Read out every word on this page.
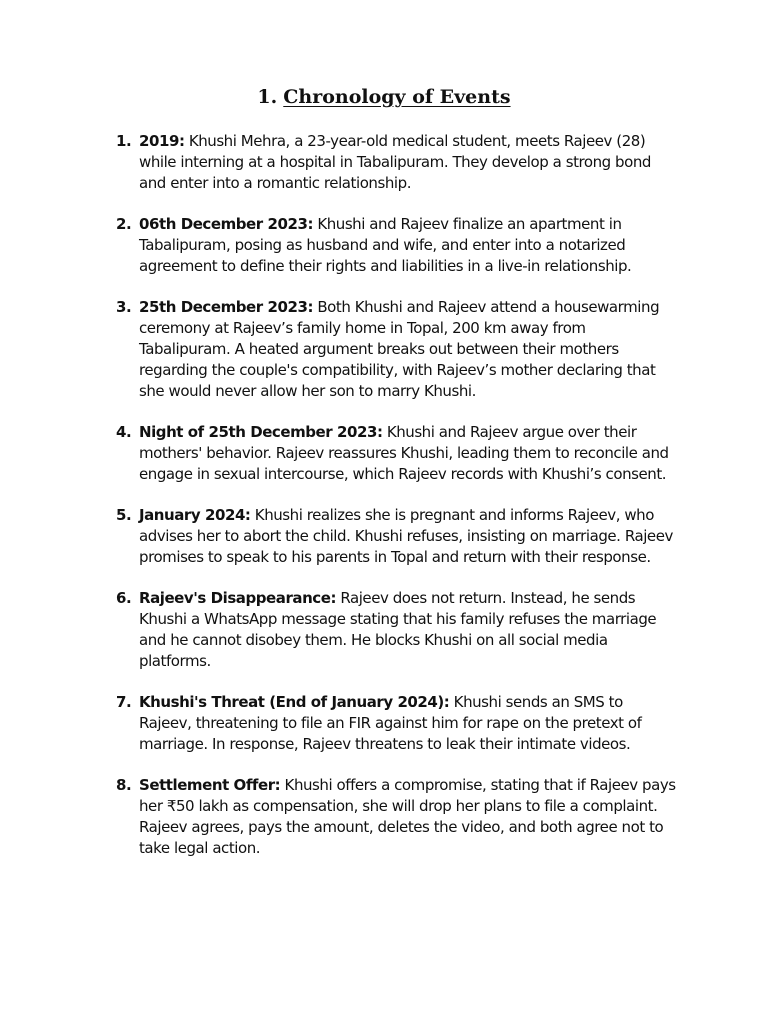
1. Chronology of Events
1. 2019: Khushi Mehra, a 23-year-old medical student, meets Rajeev (28) while interning at a hospital in Tabalipuram. They develop a strong bond and enter into a romantic relationship.
2. 06th December 2023: Khushi and Rajeev finalize an apartment in Tabalipuram, posing as husband and wife, and enter into a notarized agreement to define their rights and liabilities in a live-in relationship.
3. 25th December 2023: Both Khushi and Rajeev attend a housewarming ceremony at Rajeev’s family home in Topal, 200 km away from Tabalipuram. A heated argument breaks out between their mothers regarding the couple's compatibility, with Rajeev’s mother declaring that she would never allow her son to marry Khushi.
4. Night of 25th December 2023: Khushi and Rajeev argue over their mothers' behavior. Rajeev reassures Khushi, leading them to reconcile and engage in sexual intercourse, which Rajeev records with Khushi’s consent.
5. January 2024: Khushi realizes she is pregnant and informs Rajeev, who advises her to abort the child. Khushi refuses, insisting on marriage. Rajeev promises to speak to his parents in Topal and return with their response.
6. Rajeev's Disappearance: Rajeev does not return. Instead, he sends Khushi a WhatsApp message stating that his family refuses the marriage and he cannot disobey them. He blocks Khushi on all social media platforms.
7. Khushi's Threat (End of January 2024): Khushi sends an SMS to Rajeev, threatening to file an FIR against him for rape on the pretext of marriage. In response, Rajeev threatens to leak their intimate videos.
8. Settlement Offer: Khushi offers a compromise, stating that if Rajeev pays her ₹50 lakh as compensation, she will drop her plans to file a complaint. Rajeev agrees, pays the amount, deletes the video, and both agree not to take legal action.
